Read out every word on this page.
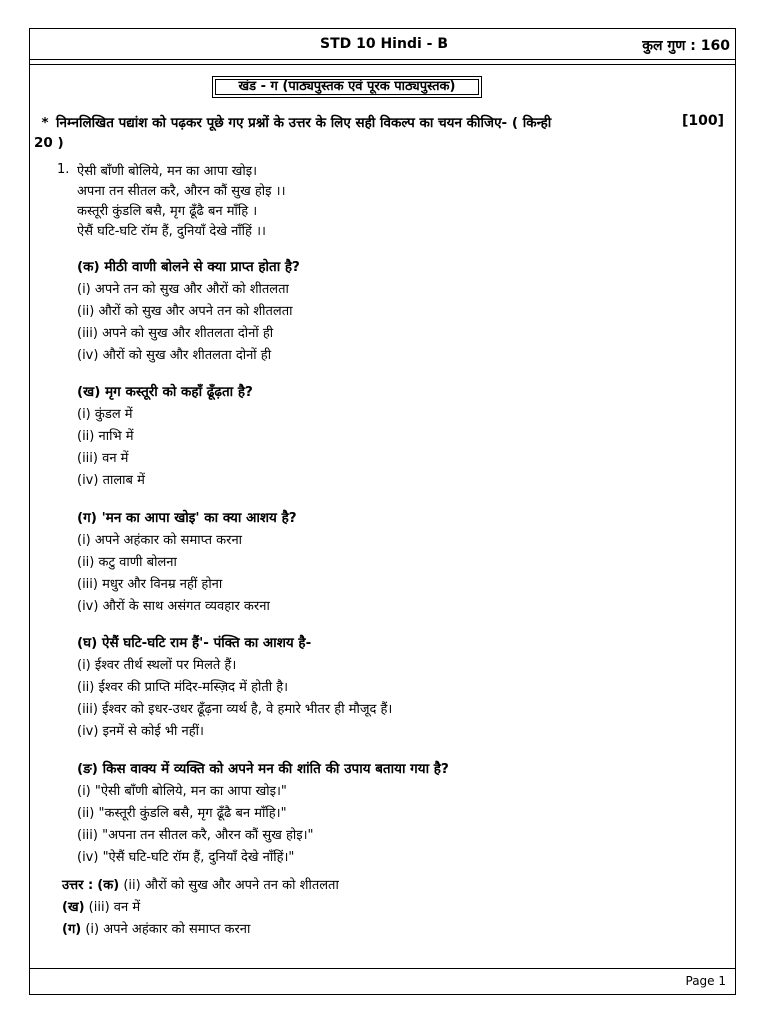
STD 10 Hindi - B	कुल गुण : 160
खंड - ग (पाठ्यपुस्तक एवं पूरक पाठ्यपुस्तक)
* निम्नलिखित पद्यांश को पढ़कर पूछे गए प्रश्नों के उत्तर के लिए सही विकल्प का चयन कीजिए- ( किन्ही
20 )
[100]
1. ऐसी बाँणी बोलिये, मन का आपा खोइ।
अपना तन सीतल करै, औरन कौं सुख होइ ।।
कस्तूरी कुंडलि बसै, मृग ढूँढै बन माँहि ।
ऐसैं घटि-घटि रॉम हैं, दुनियाँ देखे नाँहिं ।।
(क) मीठी वाणी बोलने से क्या प्राप्त होता है?
(i) अपने तन को सुख और औरों को शीतलता
(ii) औरों को सुख और अपने तन को शीतलता
(iii) अपने को सुख और शीतलता दोनों ही
(iv) औरों को सुख और शीतलता दोनों ही
(ख) मृग कस्तूरी को कहाँ ढूँढ़ता है?
(i) कुंडल में
(ii) नाभि में
(iii) वन में
(iv) तालाब में
(ग) 'मन का आपा खोइ' का क्या आशय है?
(i) अपने अहंकार को समाप्त करना
(ii) कटु वाणी बोलना
(iii) मधुर और विनम्र नहीं होना
(iv) औरों के साथ असंगत व्यवहार करना
(घ) ऐसैं घटि-घटि राम हैं'- पंक्ति का आशय है-
(i) ईश्वर तीर्थ स्थलों पर मिलते हैं।
(ii) ईश्वर की प्राप्ति मंदिर-मस्ज़िद में होती है।
(iii) ईश्वर को इधर-उधर ढूँढ़ना व्यर्थ है, वे हमारे भीतर ही मौजूद हैं।
(iv) इनमें से कोई भी नहीं।
(ङ) किस वाक्य में व्यक्ति को अपने मन की शांति की उपाय बताया गया है?
(i) "ऐसी बाँणी बोलिये, मन का आपा खोइ।"
(ii) "कस्तूरी कुंडलि बसै, मृग ढूँढै बन माँहि।"
(iii) "अपना तन सीतल करै, औरन कौं सुख होइ।"
(iv) "ऐसैं घटि-घटि रॉम हैं, दुनियाँ देखे नाँहिं।"
उत्तर : (क) (ii) औरों को सुख और अपने तन को शीतलता
(ख) (iii) वन में
(ग) (i) अपने अहंकार को समाप्त करना
Page 1
